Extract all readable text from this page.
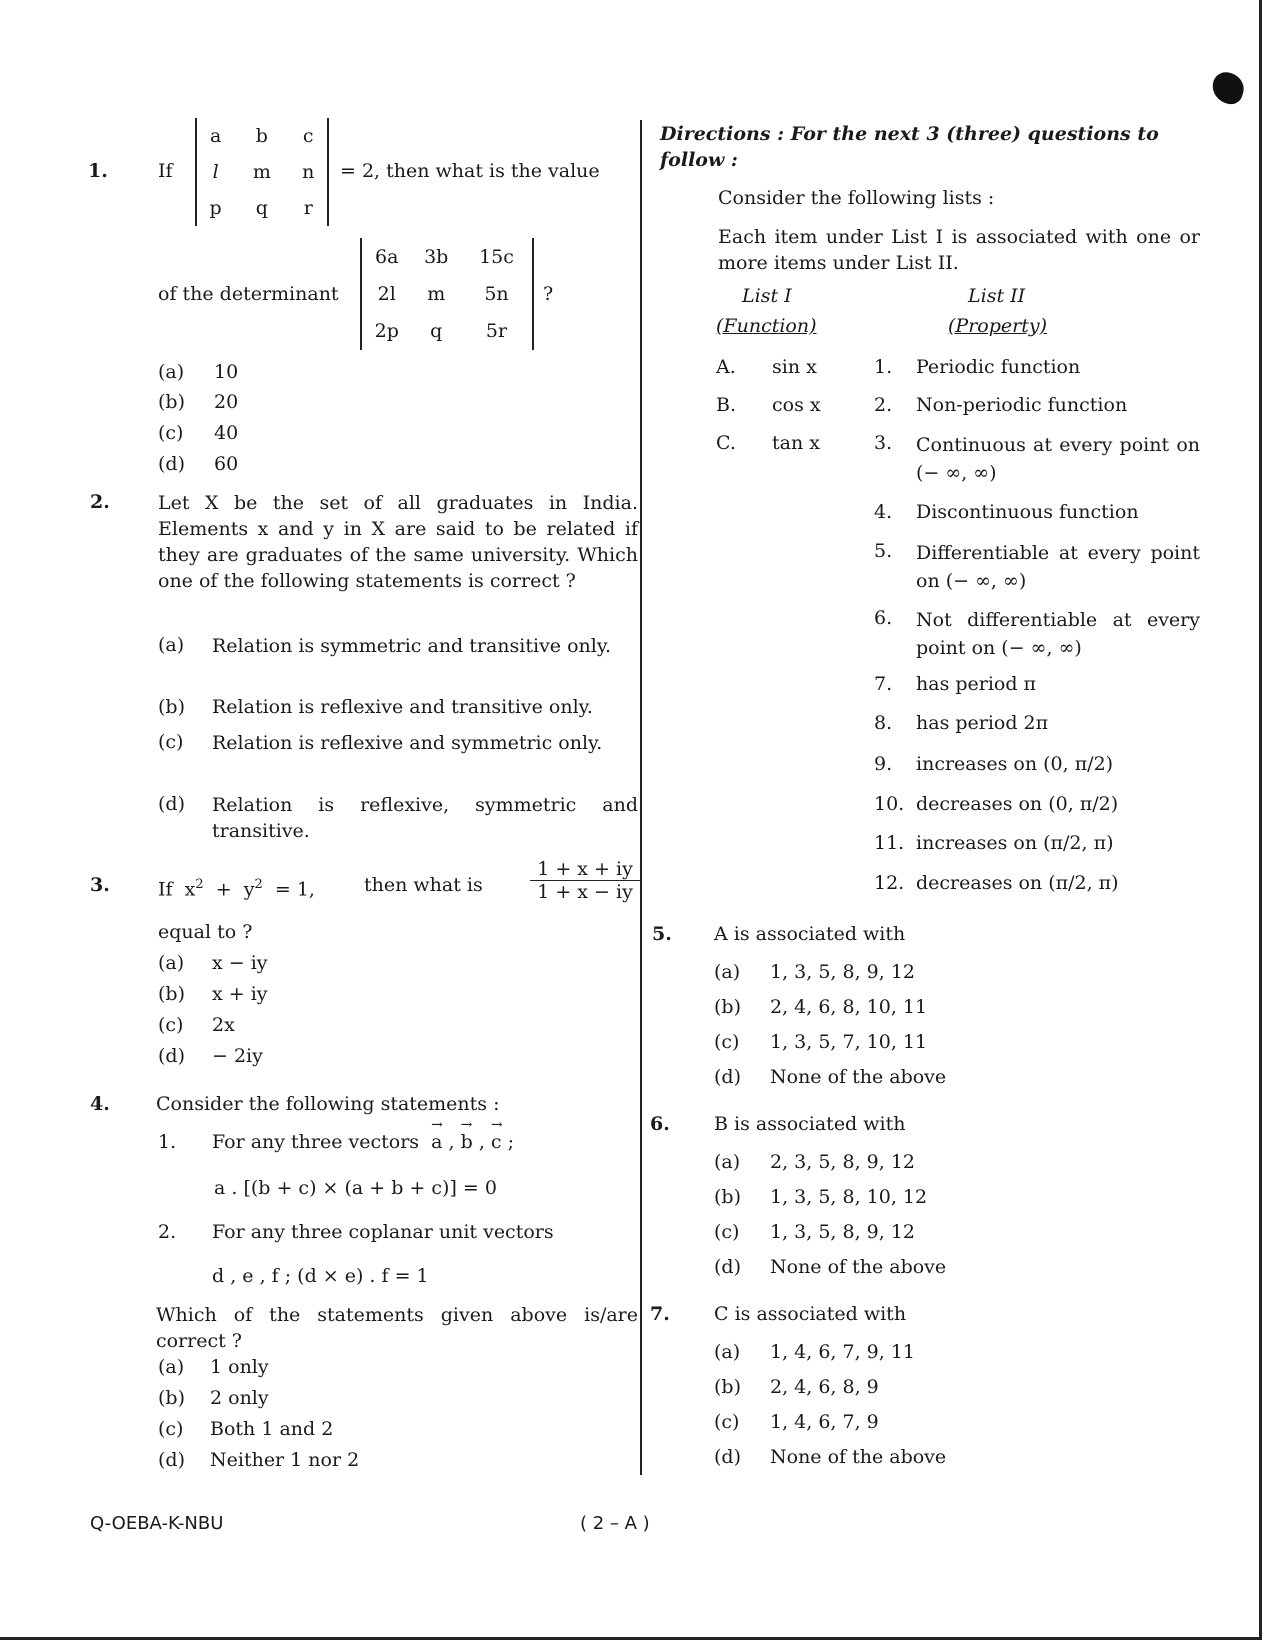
1.	If
a	b	c
l	m	n
p	q	r
= 2, then what is the value
of the determinant
6a	3b	15c
2l	m	5n
2p	q	5r
?
(a) 10
(b) 20
(c) 40
(d) 60
2.	Let X be the set of all graduates in India. Elements x and y in X are said to be related if they are graduates of the same university. Which one of the following statements is correct ?
(a) Relation is symmetric and transitive only.
(b) Relation is reflexive and transitive only.
(c) Relation is reflexive and symmetric only.
(d) Relation is reflexive, symmetric and transitive.
3.	If $x^2 + y^2 = 1$,	then what is $\frac{1 + x + iy}{1 + x - iy}$
equal to ?
(a) x − iy
(b) x + iy
(c) 2x
(d) − 2iy
4. Consider the following statements :
1. For any three vectors → a , → b , → c ;
a . [(b + c) × (a + b + c)] = 0
2. For any three coplanar unit vectors
d , e , f ; (d × e) . f = 1
Which of the statements given above is/are correct ?
(a) 1 only
(b) 2 only
(c) Both 1 and 2
(d) Neither 1 nor 2
Directions : For the next 3 (three) questions to follow :
Consider the following lists :
Each item under List I is associated with one or more items under List II.
List I
(Function)
List II
(Property)
A. sin x
B. cos x
C. tan x
1. Periodic function
2. Non-periodic function
3. Continuous at every point on (− ∞, ∞)
4. Discontinuous function
5. Differentiable at every point on (− ∞, ∞)
6. Not differentiable at every point on (− ∞, ∞)
7. has period π
8. has period 2π
9. increases on (0, π/2)
10. decreases on (0, π/2)
11. increases on (π/2, π)
12. decreases on (π/2, π)
5. A is associated with
(a) 1, 3, 5, 8, 9, 12
(b) 2, 4, 6, 8, 10, 11
(c) 1, 3, 5, 7, 10, 11
(d) None of the above
6. B is associated with
(a) 2, 3, 5, 8, 9, 12
(b) 1, 3, 5, 8, 10, 12
(c) 1, 3, 5, 8, 9, 12
(d) None of the above
7. C is associated with
(a) 1, 4, 6, 7, 9, 11
(b) 2, 4, 6, 8, 9
(c) 1, 4, 6, 7, 9
(d) None of the above
Q-OEBA-K-NBU	( 2 – A )
